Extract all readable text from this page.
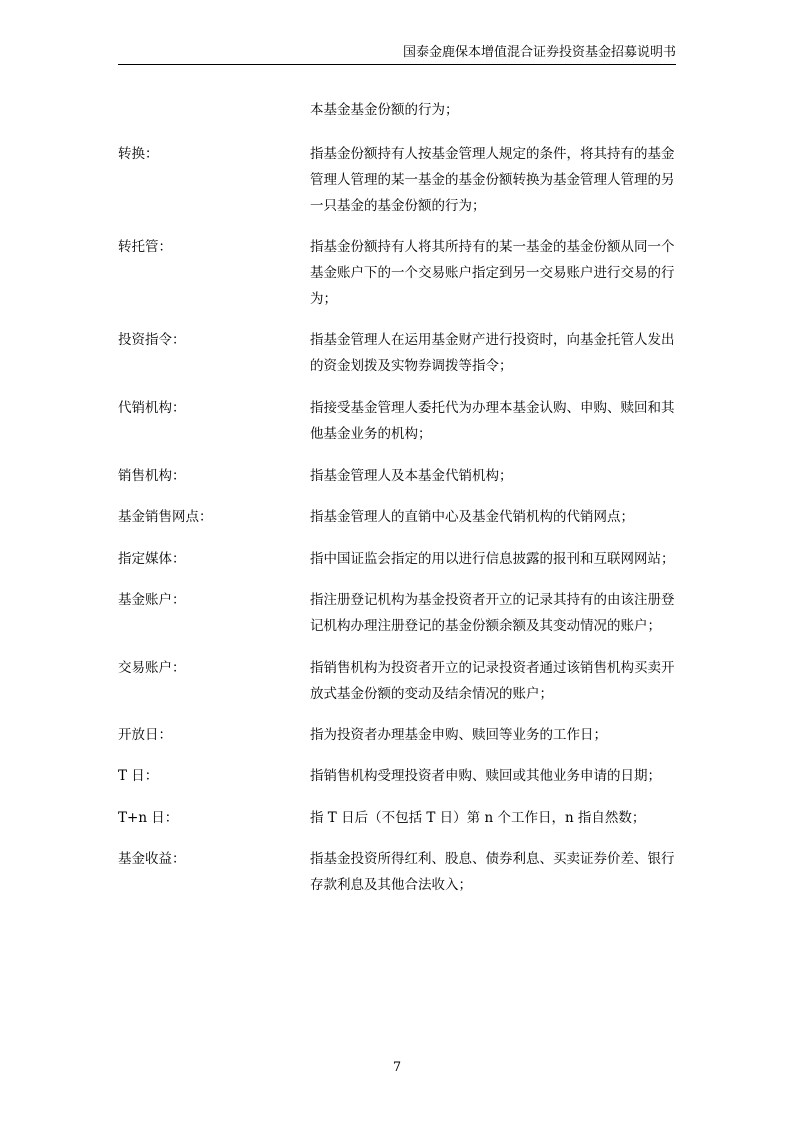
国泰金鹿保本增值混合证券投资基金招募说明书
本基金基金份额的行为；
转换：	指基金份额持有人按基金管理人规定的条件，将其持有的基金管理人管理的某一基金的基金份额转换为基金管理人管理的另一只基金的基金份额的行为；
转托管：	指基金份额持有人将其所持有的某一基金的基金份额从同一个基金账户下的一个交易账户指定到另一交易账户进行交易的行为；
投资指令：	指基金管理人在运用基金财产进行投资时，向基金托管人发出的资金划拨及实物券调拨等指令；
代销机构：	指接受基金管理人委托代为办理本基金认购、申购、赎回和其他基金业务的机构；
销售机构：	指基金管理人及本基金代销机构；
基金销售网点：	指基金管理人的直销中心及基金代销机构的代销网点；
指定媒体：	指中国证监会指定的用以进行信息披露的报刊和互联网网站；
基金账户：	指注册登记机构为基金投资者开立的记录其持有的由该注册登记机构办理注册登记的基金份额余额及其变动情况的账户；
交易账户：	指销售机构为投资者开立的记录投资者通过该销售机构买卖开放式基金份额的变动及结余情况的账户；
开放日：	指为投资者办理基金申购、赎回等业务的工作日；
T 日：	指销售机构受理投资者申购、赎回或其他业务申请的日期；
T+n 日：	指 T 日后（不包括 T 日）第 n 个工作日，n 指自然数；
基金收益：	指基金投资所得红利、股息、债券利息、买卖证券价差、银行存款利息及其他合法收入；
7
